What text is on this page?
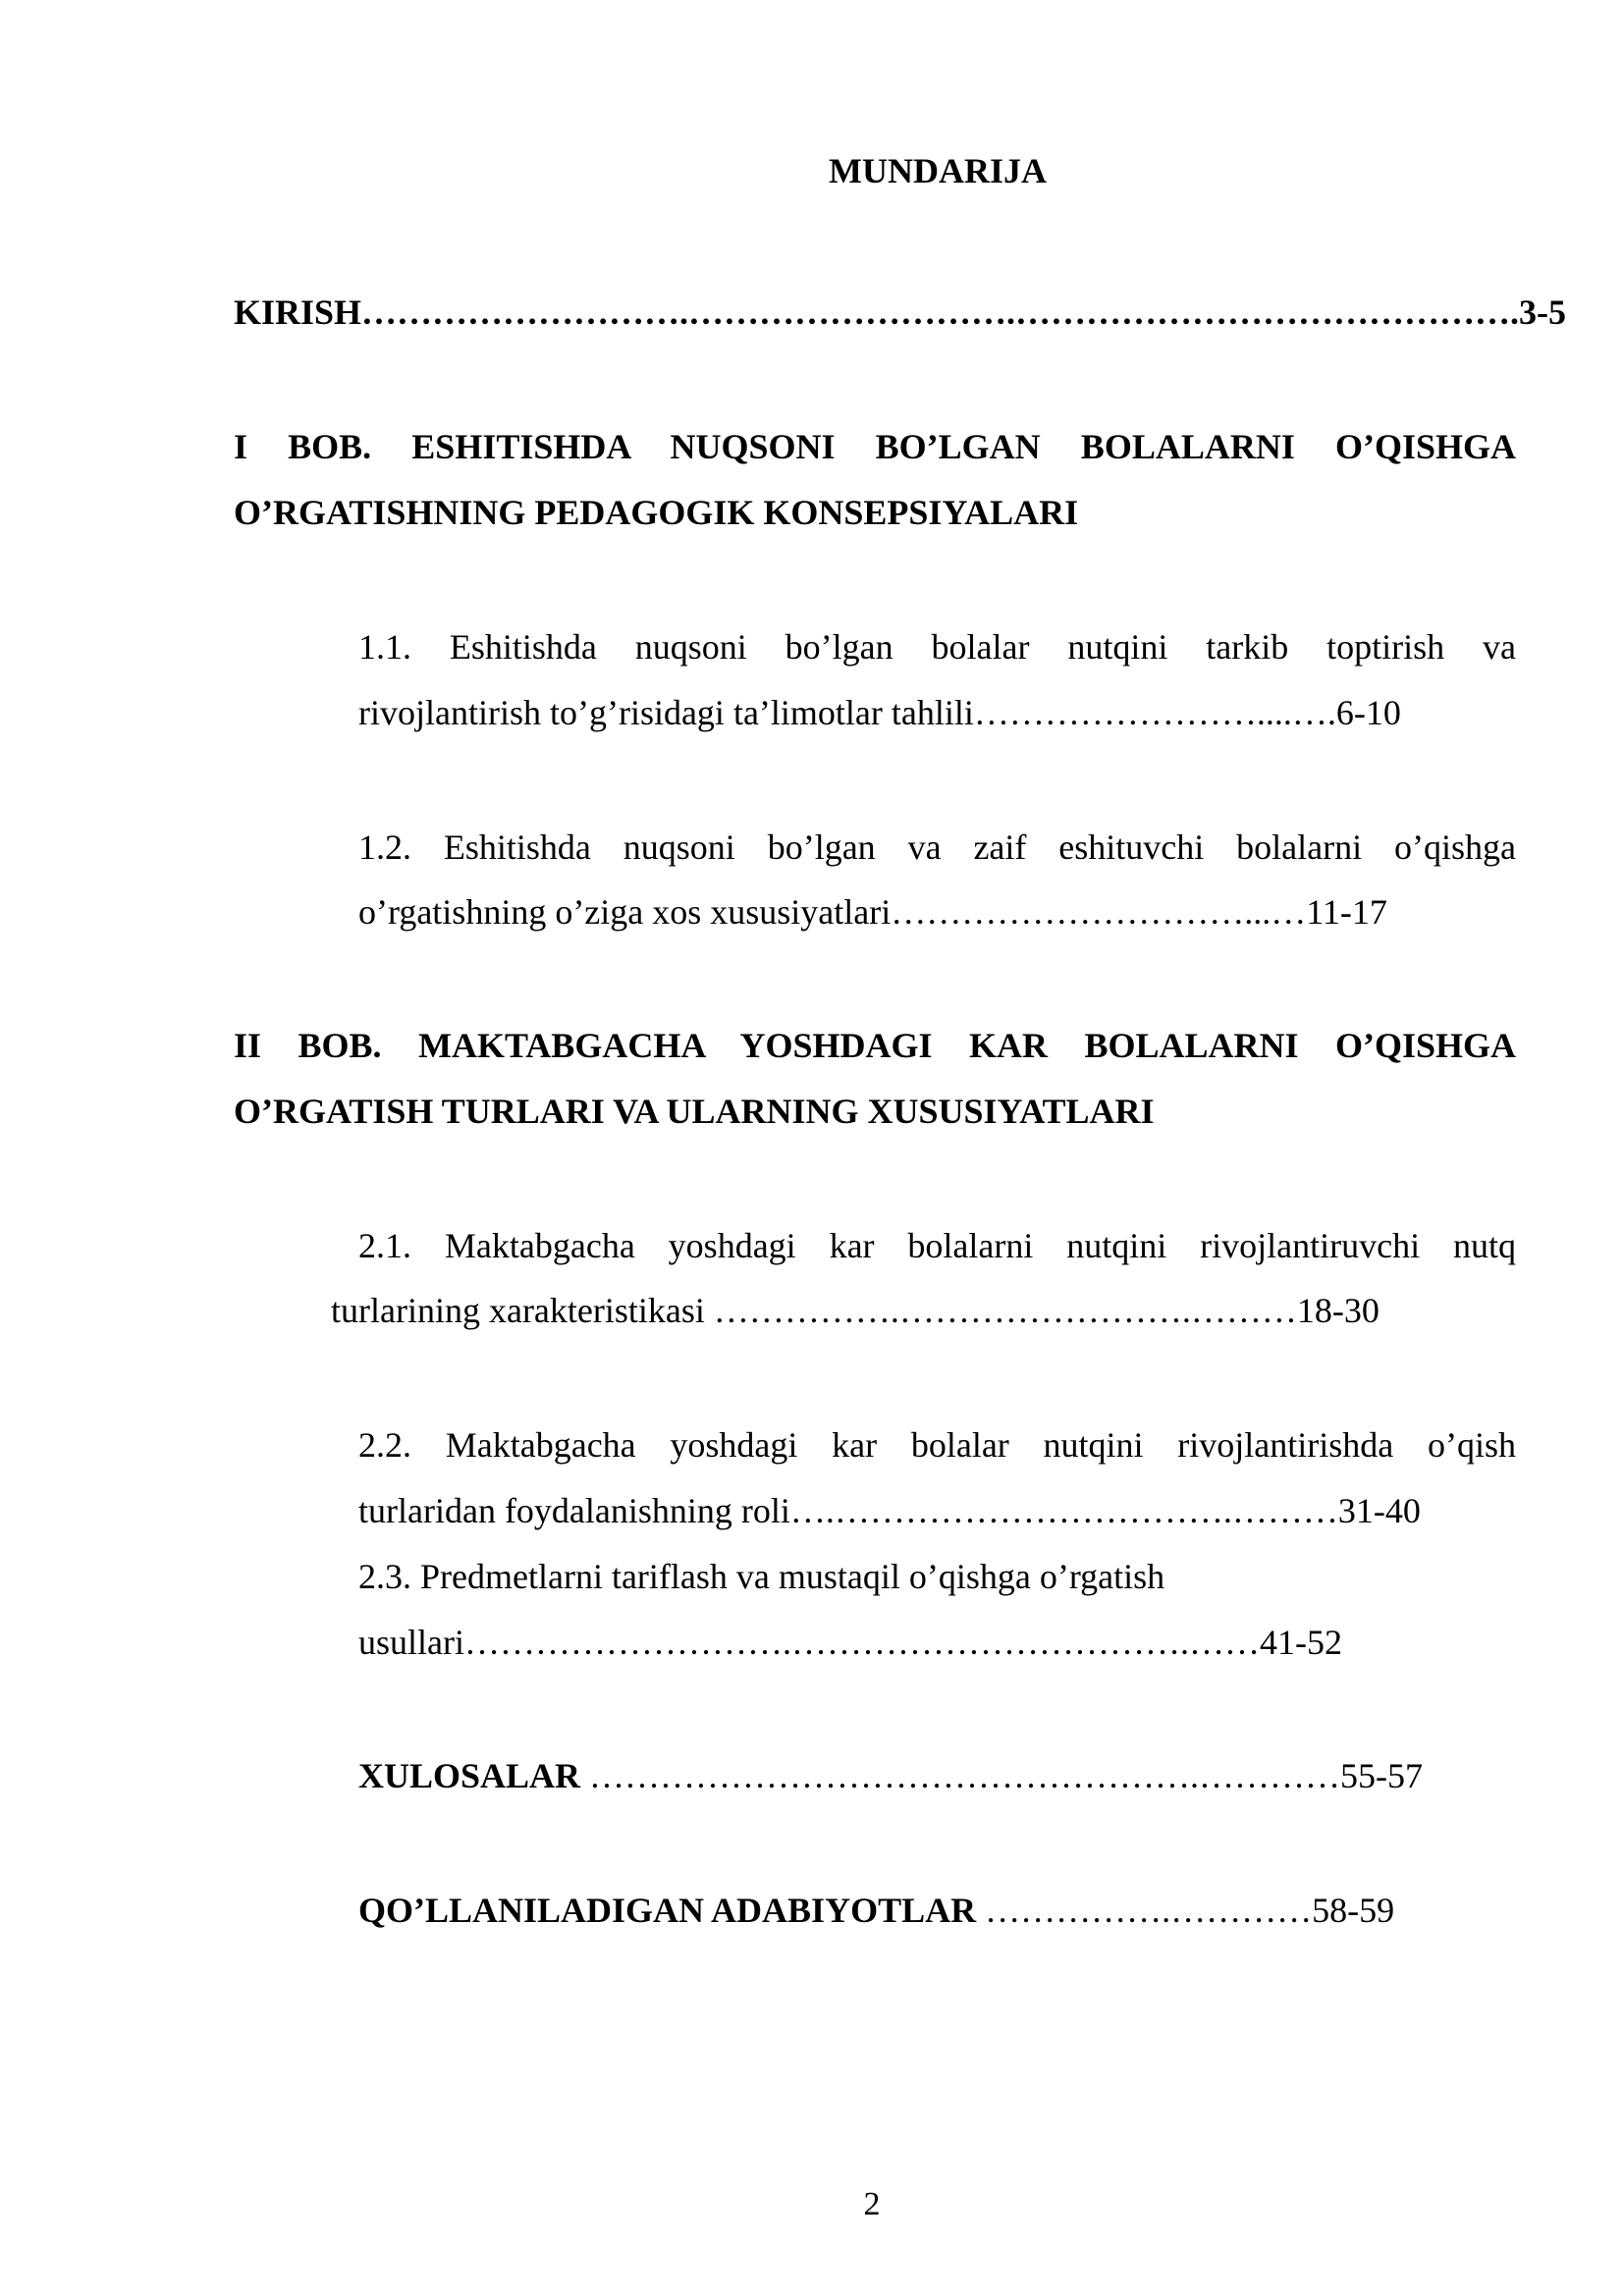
MUNDARIJA
KIRISH……………………….……………………….…………………………………….3-5
I BOB. ESHITISHDA NUQSONI BO’LGAN BOLALARNI O’QISHGA
O’RGATISHNING PEDAGOGIK KONSEPSIYALARI
1.1. Eshitishda nuqsoni bo’lgan bolalar nutqini tarkib toptirish va
rivojlantirish to’g’risidagi ta’limotlar tahlili……………………....….6-10
1.2. Eshitishda nuqsoni bo’lgan va zaif eshituvchi bolalarni o’qishga
o’rgatishning o’ziga xos xususiyatlari…………………………...…11-17
II BOB. MAKTABGACHA YOSHDAGI KAR BOLALARNI O’QISHGA
O’RGATISH TURLARI VA ULARNING XUSUSIYATLARI
2.1. Maktabgacha yoshdagi kar bolalarni nutqini rivojlantiruvchi nutq
turlarining xarakteristikasi …………….…………………….………18-30
2.2. Maktabgacha yoshdagi kar bolalar nutqini rivojlantirishda o’qish
turlaridan foydalanishning roli….…………………………….………31-40
2.3. Predmetlarni tariflash va mustaqil o’qishga o’rgatish
usullari……………………….…………………………….……41-52
XULOSALAR …………………………………………….…………55-57
QO’LLANILADIGAN ADABIYOTLAR …………….…………58-59
2
